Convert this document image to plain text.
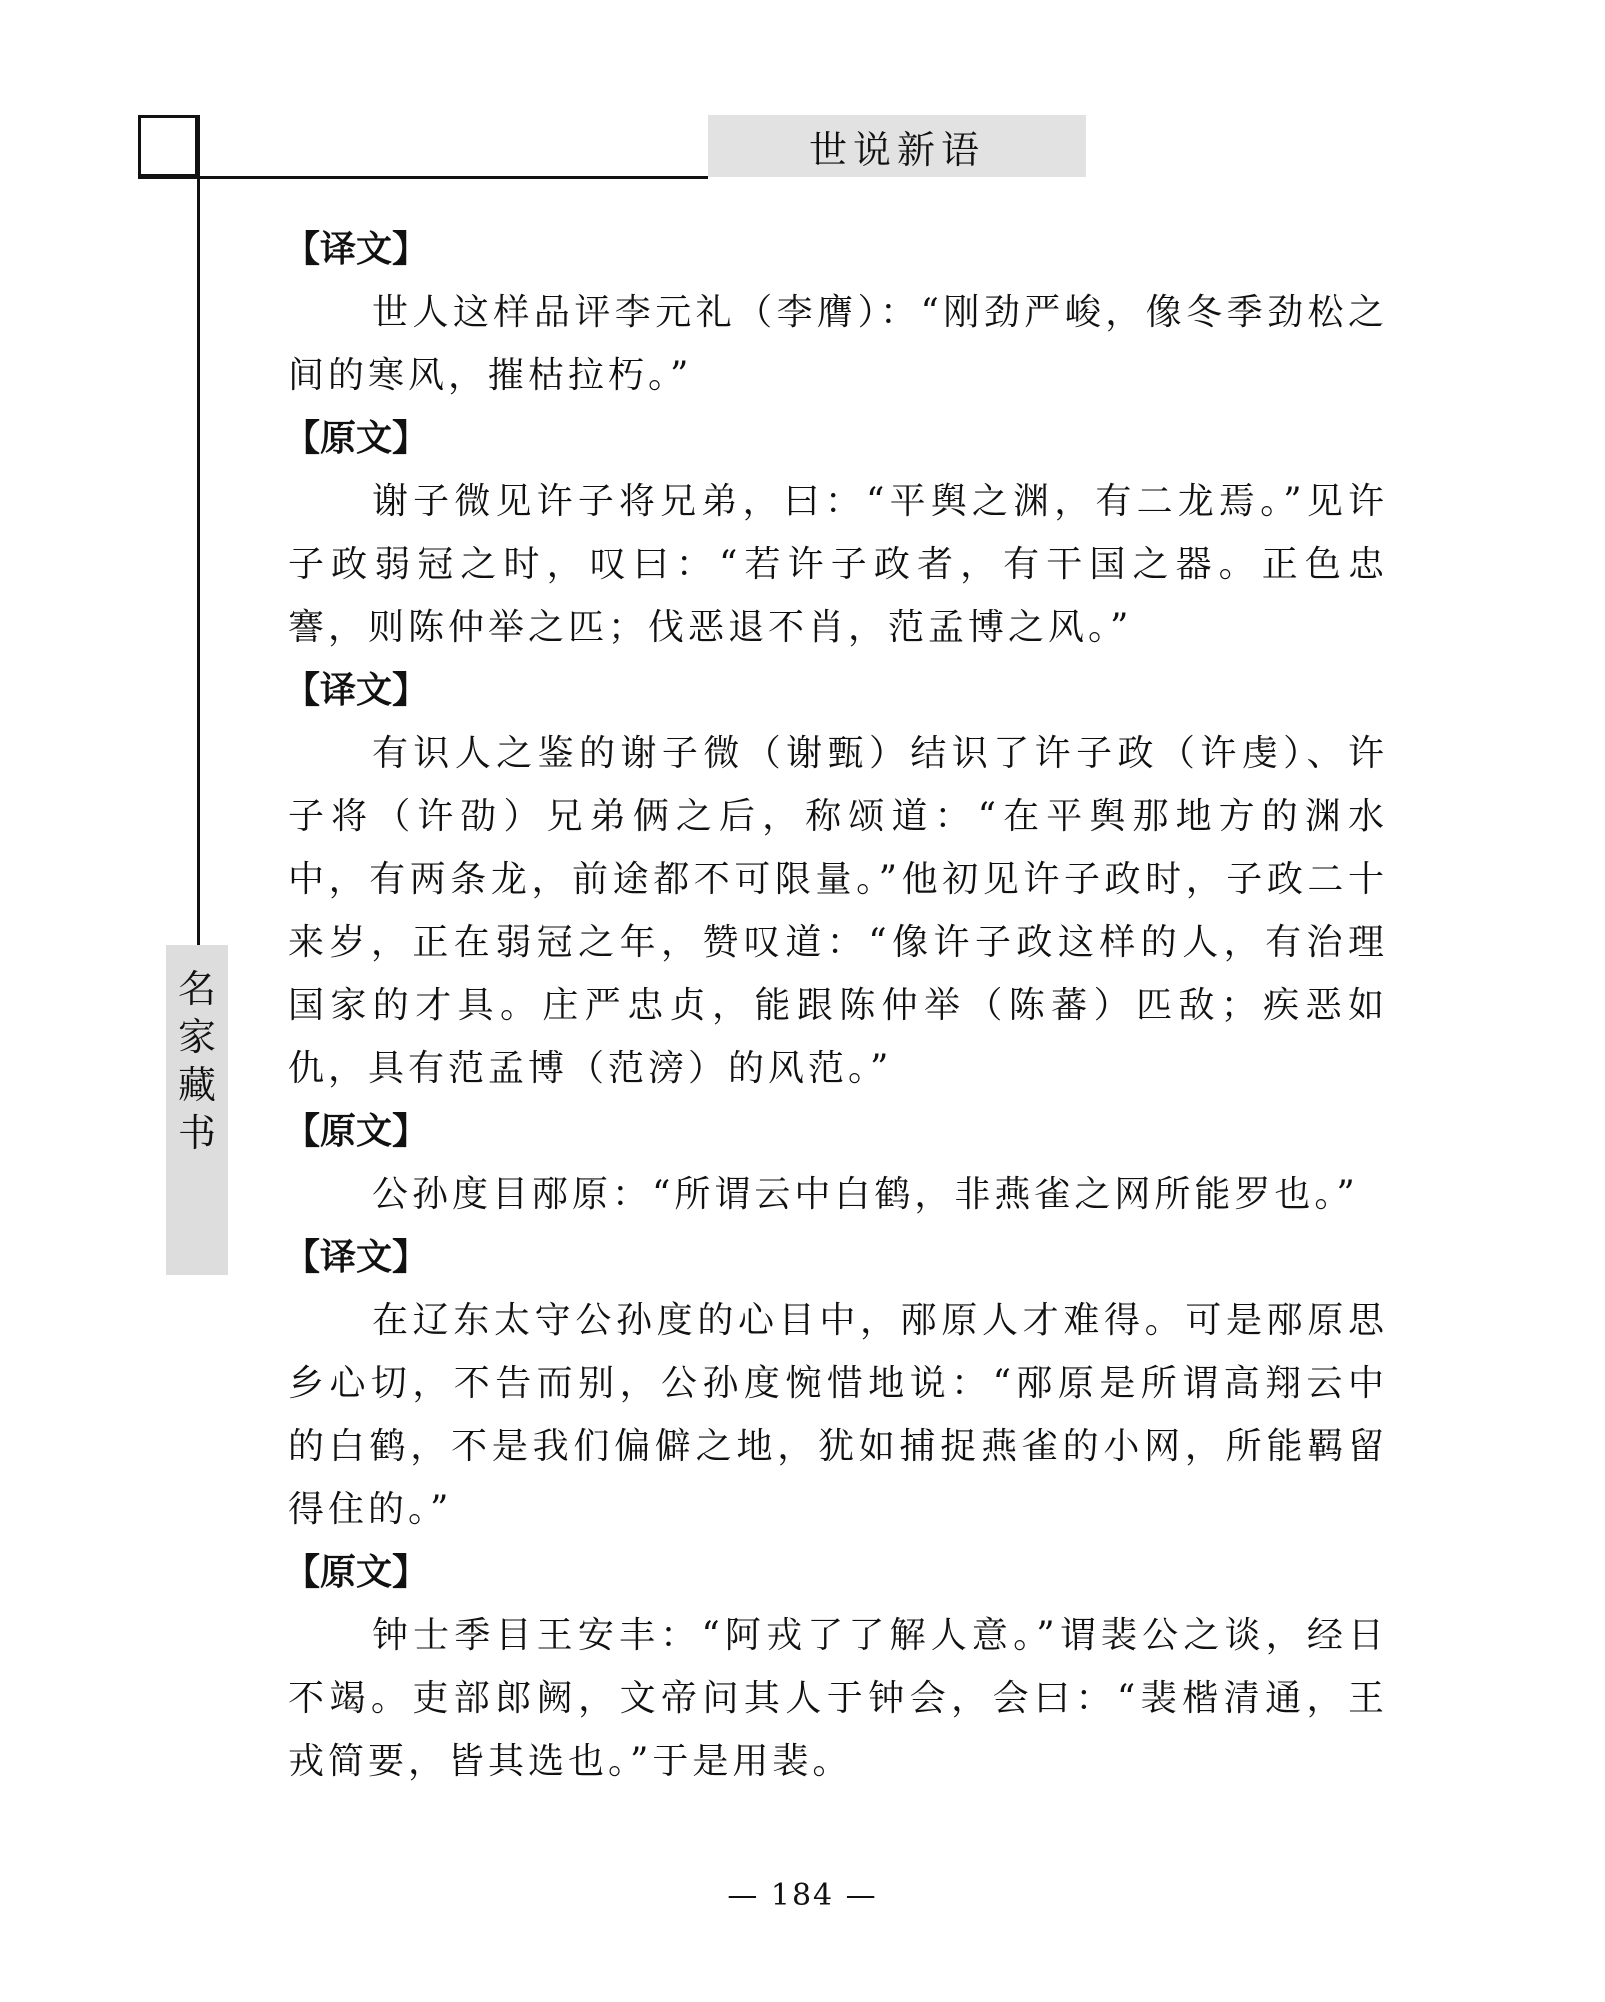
世说新语
名
家
藏
书
【译文】

世人这样品评李元礼（李膺）：“刚劲严峻，像冬季劲松之间的寒风，摧枯拉朽。”

【原文】

谢子微见许子将兄弟，曰：“平舆之渊，有二龙焉。”见许子政弱冠之时，叹曰：“若许子政者，有干国之器。正色忠謇，则陈仲举之匹；伐恶退不肖，范孟博之风。”

【译文】

有识人之鉴的谢子微（谢甄）结识了许子政（许虔）、许子将（许劭）兄弟俩之后，称颂道：“在平舆那地方的渊水中，有两条龙，前途都不可限量。”他初见许子政时，子政二十来岁，正在弱冠之年，赞叹道：“像许子政这样的人，有治理国家的才具。庄严忠贞，能跟陈仲举（陈蕃）匹敌；疾恶如仇，具有范孟博（范滂）的风范。”

【原文】

公孙度目邴原：“所谓云中白鹤，非燕雀之网所能罗也。”

【译文】

在辽东太守公孙度的心目中，邴原人才难得。可是邴原思乡心切，不告而别，公孙度惋惜地说：“邴原是所谓高翔云中的白鹤，不是我们偏僻之地，犹如捕捉燕雀的小网，所能羁留得住的。”

【原文】

钟士季目王安丰：“阿戎了了解人意。”谓裴公之谈，经日不竭。吏部郎阙，文帝问其人于钟会，会曰：“裴楷清通，王戎简要，皆其选也。”于是用裴。

— 184 —
